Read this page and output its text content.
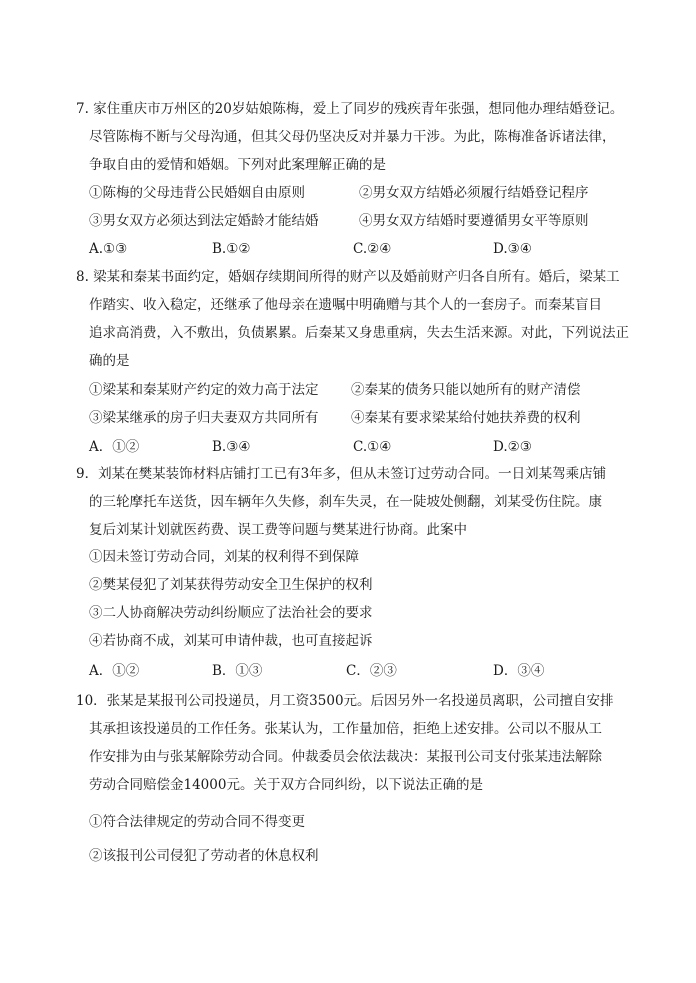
7. 家住重庆市万州区的20岁姑娘陈梅，爱上了同岁的残疾青年张强，想同他办理结婚登记。
尽管陈梅不断与父母沟通，但其父母仍坚决反对并暴力干涉。为此，陈梅准备诉诸法律，
争取自由的爱情和婚姻。下列对此案理解正确的是
①陈梅的父母违背公民婚姻自由原则	②男女双方结婚必须履行结婚登记程序
③男女双方必须达到法定婚龄才能结婚	④男女双方结婚时要遵循男女平等原则
A.①③	B.①②	C.②④	D.③④
8. 梁某和秦某书面约定，婚姻存续期间所得的财产以及婚前财产归各自所有。婚后，梁某工
作踏实、收入稳定，还继承了他母亲在遗嘱中明确赠与其个人的一套房子。而秦某盲目
追求高消费，入不敷出，负债累累。后秦某又身患重病，失去生活来源。对此，下列说法正
确的是
①梁某和秦某财产约定的效力高于法定 ②秦某的债务只能以她所有的财产清偿
③梁某继承的房子归夫妻双方共同所有 ④秦某有要求梁某给付她扶养费的权利
A．①②	B.③④	C.①④	D.②③
9．刘某在樊某装饰材料店铺打工已有3年多，但从未签订过劳动合同。一日刘某驾乘店铺
的三轮摩托车送货，因车辆年久失修，刹车失灵，在一陡坡处侧翻，刘某受伤住院。康
复后刘某计划就医药费、误工费等问题与樊某进行协商。此案中
①因未签订劳动合同，刘某的权利得不到保障
②樊某侵犯了刘某获得劳动安全卫生保护的权利
③二人协商解决劳动纠纷顺应了法治社会的要求
④若协商不成，刘某可申请仲裁，也可直接起诉
A．①②	B．①③	C．②③	D．③④
10．张某是某报刊公司投递员，月工资3500元。后因另外一名投递员离职，公司擅自安排
其承担该投递员的工作任务。张某认为，工作量加倍，拒绝上述安排。公司以不服从工
作安排为由与张某解除劳动合同。仲裁委员会依法裁决：某报刊公司支付张某违法解除
劳动合同赔偿金14000元。关于双方合同纠纷，以下说法正确的是
①符合法律规定的劳动合同不得变更
②该报刊公司侵犯了劳动者的休息权利
